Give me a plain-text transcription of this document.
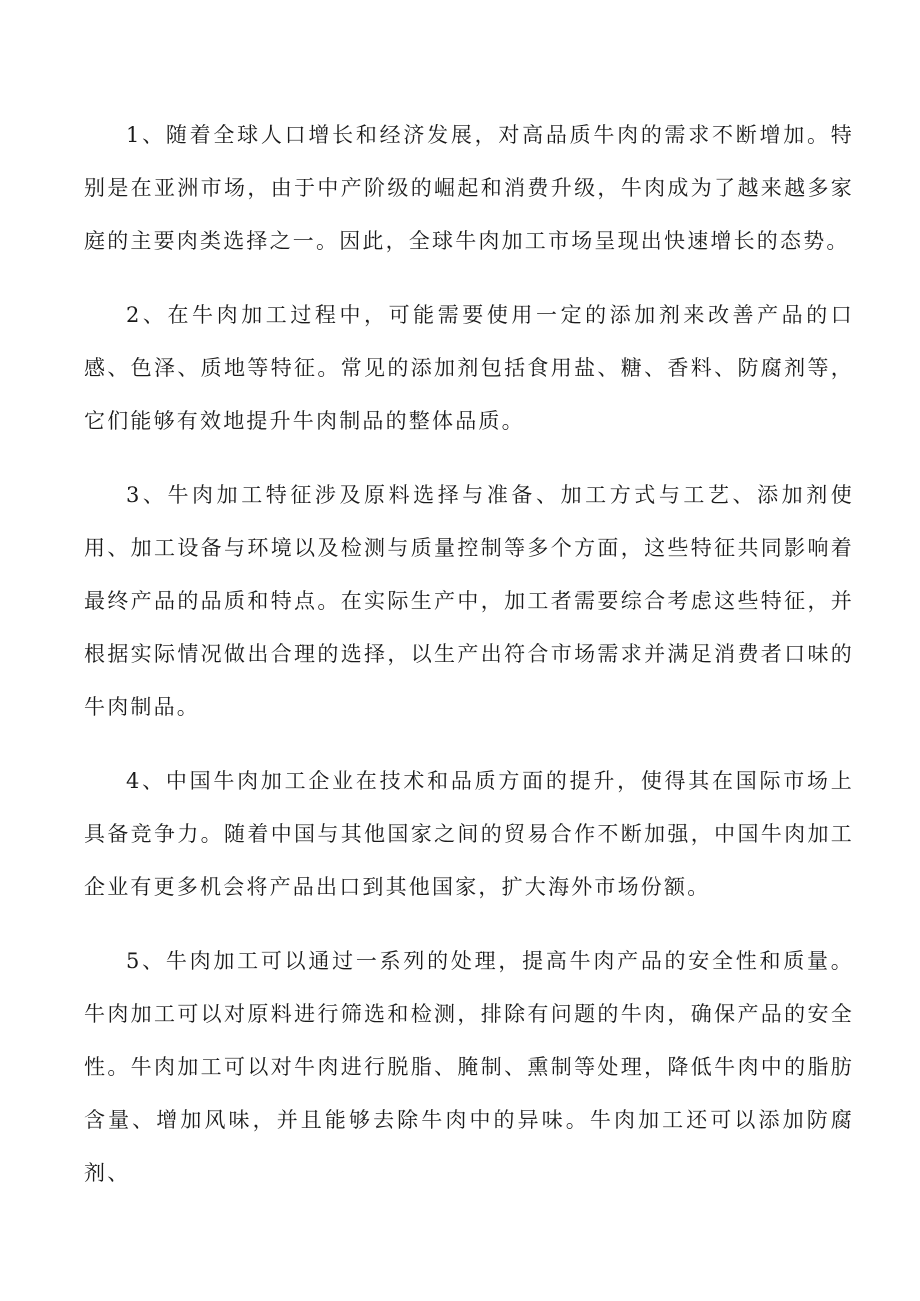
1、随着全球人口增长和经济发展，对高品质牛肉的需求不断增加。特别是在亚洲市场，由于中产阶级的崛起和消费升级，牛肉成为了越来越多家庭的主要肉类选择之一。因此，全球牛肉加工市场呈现出快速增长的态势。

2、在牛肉加工过程中，可能需要使用一定的添加剂来改善产品的口感、色泽、质地等特征。常见的添加剂包括食用盐、糖、香料、防腐剂等，它们能够有效地提升牛肉制品的整体品质。

3、牛肉加工特征涉及原料选择与准备、加工方式与工艺、添加剂使用、加工设备与环境以及检测与质量控制等多个方面，这些特征共同影响着最终产品的品质和特点。在实际生产中，加工者需要综合考虑这些特征，并根据实际情况做出合理的选择，以生产出符合市场需求并满足消费者口味的牛肉制品。

4、中国牛肉加工企业在技术和品质方面的提升，使得其在国际市场上具备竞争力。随着中国与其他国家之间的贸易合作不断加强，中国牛肉加工企业有更多机会将产品出口到其他国家，扩大海外市场份额。

5、牛肉加工可以通过一系列的处理，提高牛肉产品的安全性和质量。牛肉加工可以对原料进行筛选和检测，排除有问题的牛肉，确保产品的安全性。牛肉加工可以对牛肉进行脱脂、腌制、熏制等处理，降低牛肉中的脂肪含量、增加风味，并且能够去除牛肉中的异味。牛肉加工还可以添加防腐剂、
